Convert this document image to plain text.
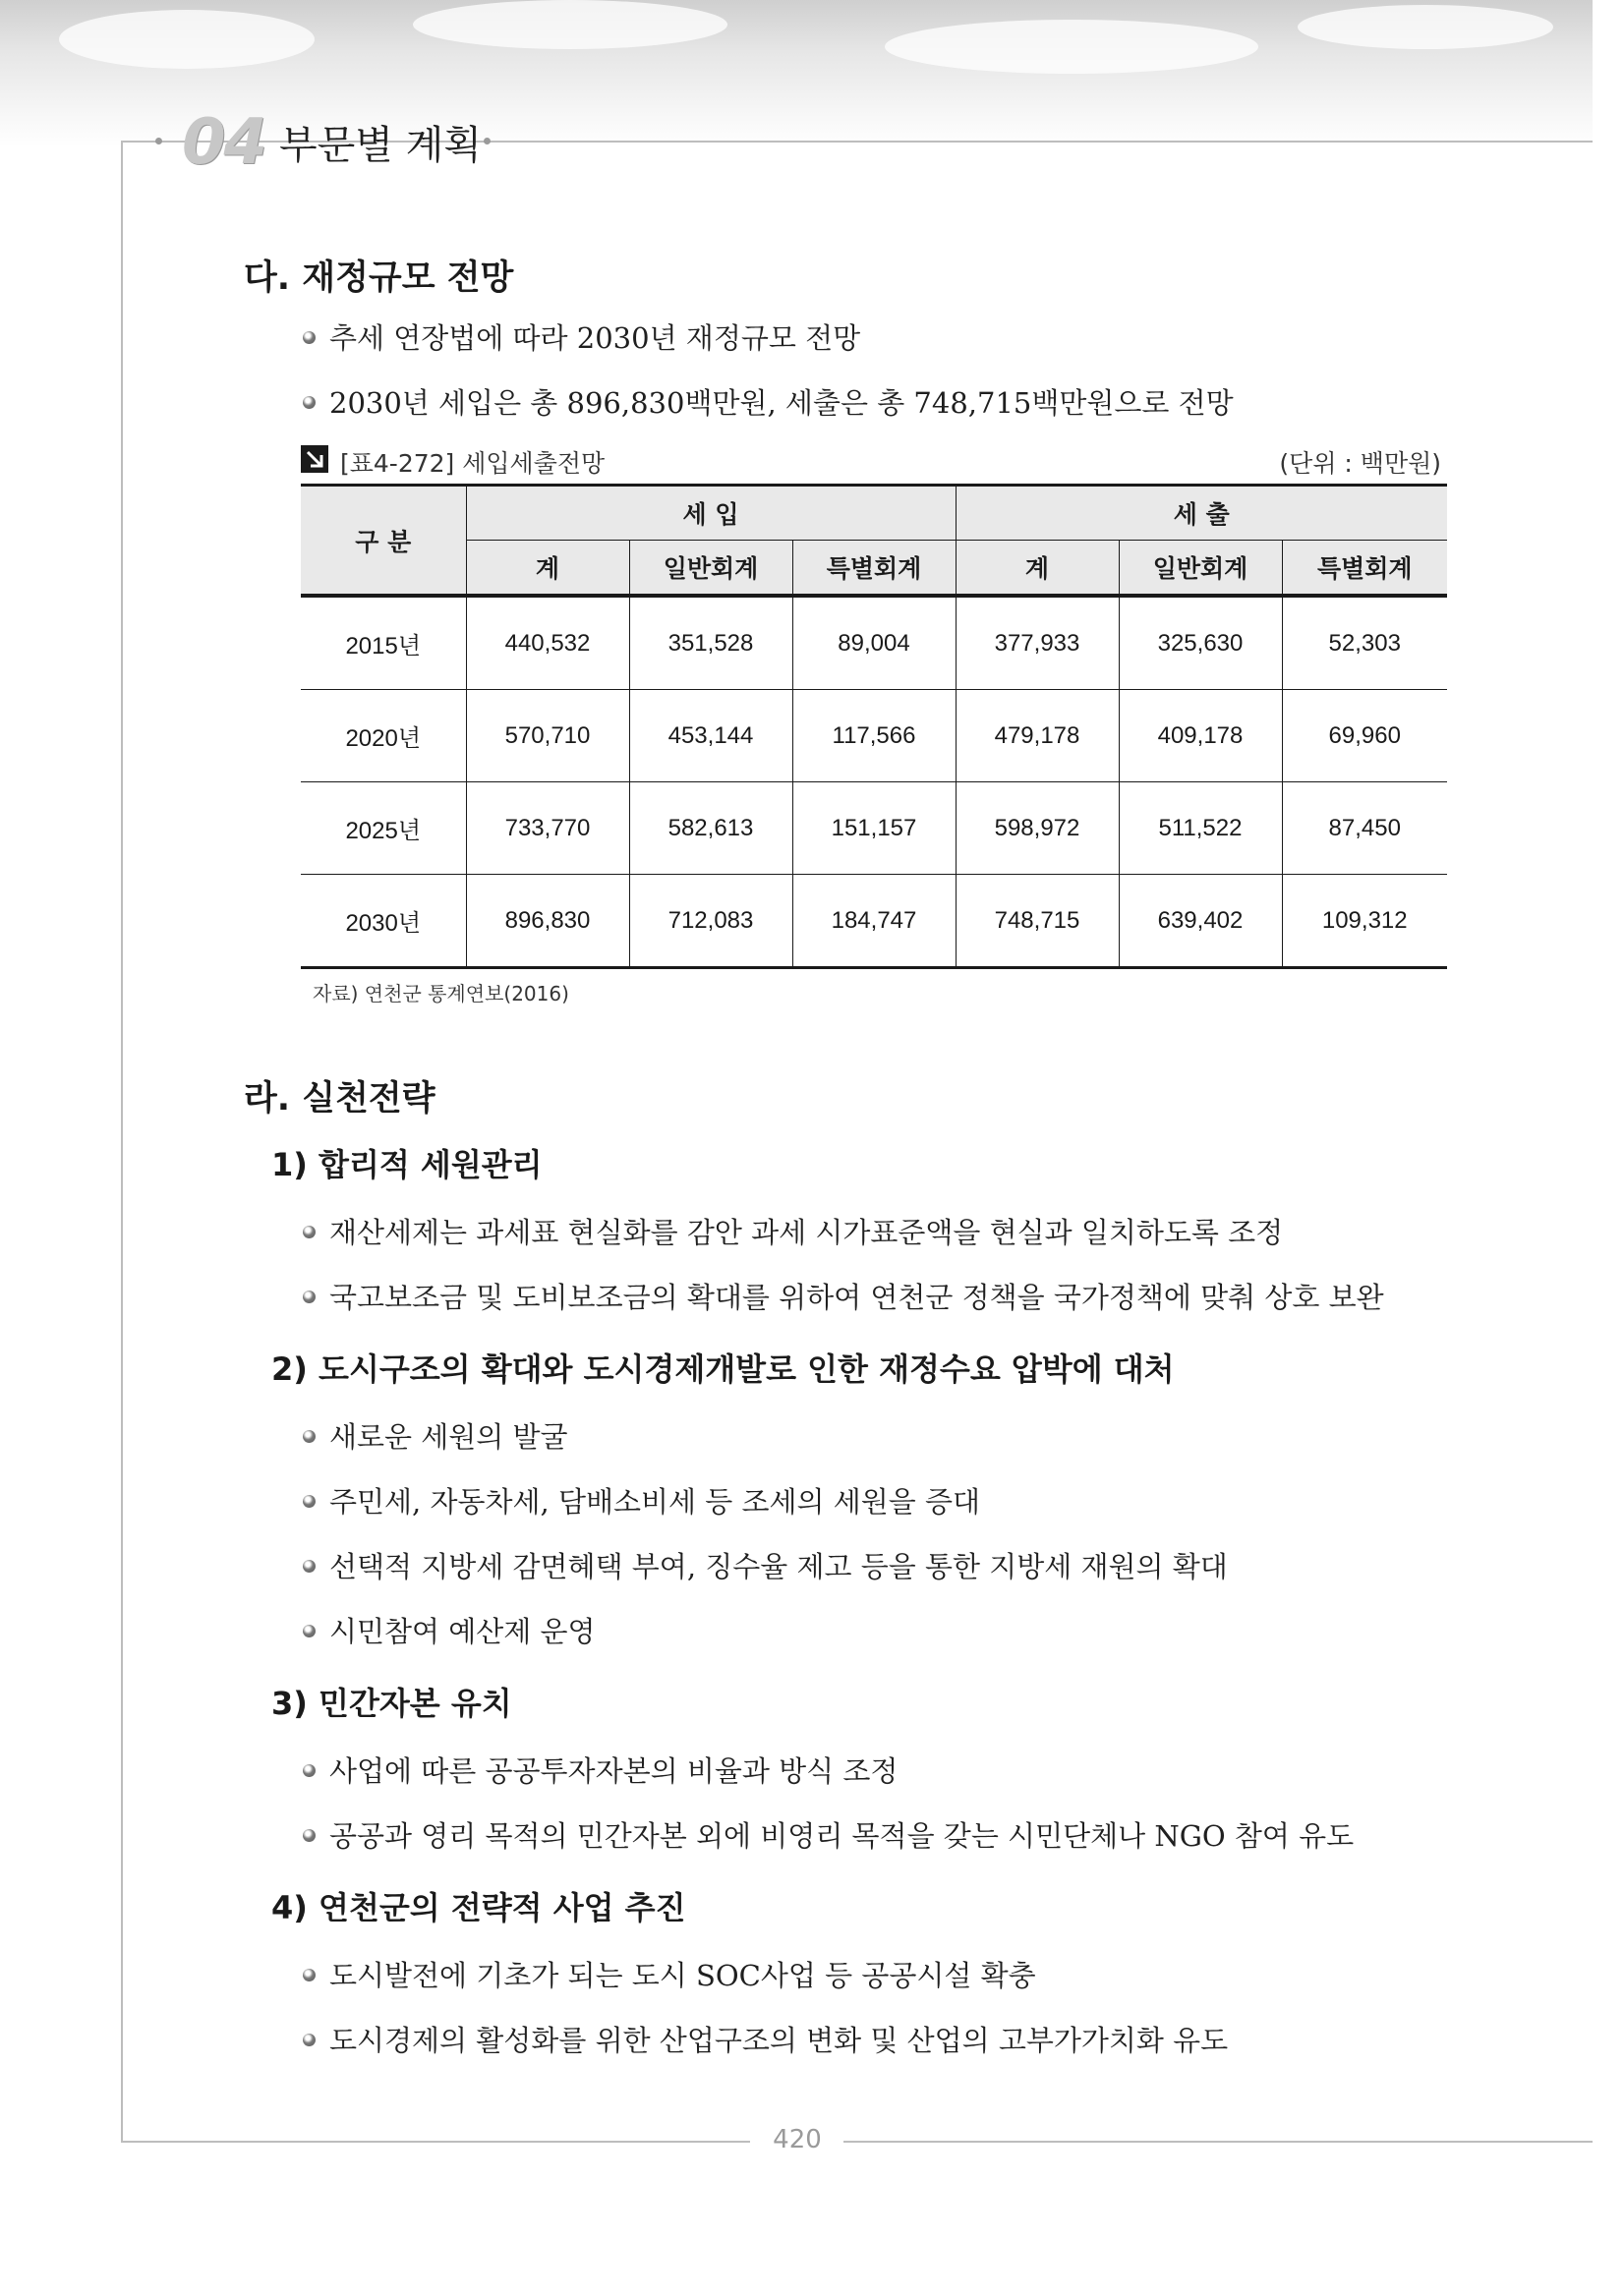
04 부문별 계획
다. 재정규모 전망
추세 연장법에 따라 2030년 재정규모 전망
2030년 세입은 총 896,830백만원, 세출은 총 748,715백만원으로 전망
[표4-272] 세입세출전망	(단위 : 백만원)
구 분	세 입			세 출		
	계	일반회계	특별회계	계	일반회계	특별회계
2015년	440,532	351,528	89,004	377,933	325,630	52,303
2020년	570,710	453,144	117,566	479,178	409,178	69,960
2025년	733,770	582,613	151,157	598,972	511,522	87,450
2030년	896,830	712,083	184,747	748,715	639,402	109,312
자료) 연천군 통계연보(2016)
라. 실천전략
1) 합리적 세원관리
재산세제는 과세표 현실화를 감안 과세 시가표준액을 현실과 일치하도록 조정
국고보조금 및 도비보조금의 확대를 위하여 연천군 정책을 국가정책에 맞춰 상호 보완
2) 도시구조의 확대와 도시경제개발로 인한 재정수요 압박에 대처
새로운 세원의 발굴
주민세, 자동차세, 담배소비세 등 조세의 세원을 증대
선택적 지방세 감면혜택 부여, 징수율 제고 등을 통한 지방세 재원의 확대
시민참여 예산제 운영
3) 민간자본 유치
사업에 따른 공공투자자본의 비율과 방식 조정
공공과 영리 목적의 민간자본 외에 비영리 목적을 갖는 시민단체나 NGO 참여 유도
4) 연천군의 전략적 사업 추진
도시발전에 기초가 되는 도시 SOC사업 등 공공시설 확충
도시경제의 활성화를 위한 산업구조의 변화 및 산업의 고부가가치화 유도
420
